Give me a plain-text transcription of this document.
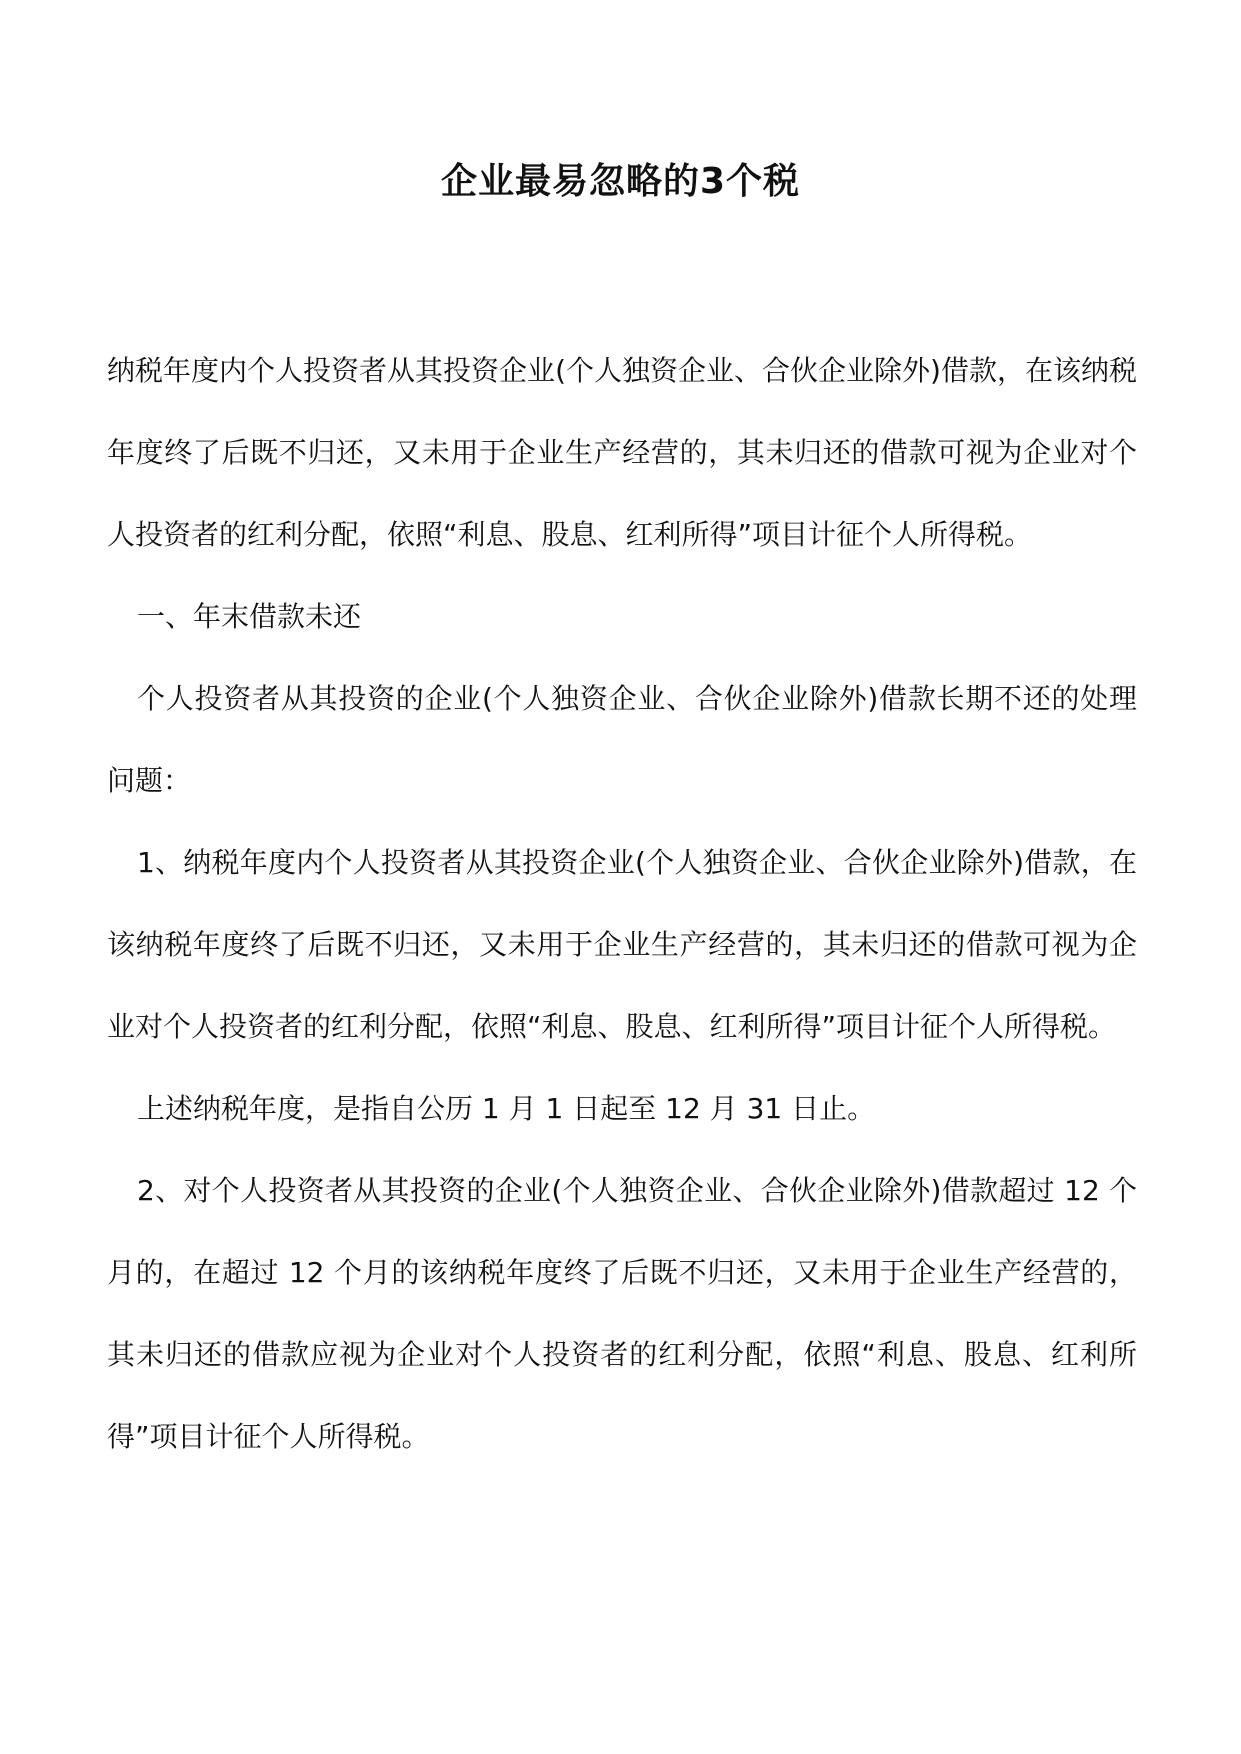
企业最易忽略的3个税

纳税年度内个人投资者从其投资企业(个人独资企业、合伙企业除外)借款，在该纳税年度终了后既不归还，又未用于企业生产经营的，其未归还的借款可视为企业对个人投资者的红利分配，依照“利息、股息、红利所得”项目计征个人所得税。

一、年末借款未还

个人投资者从其投资的企业(个人独资企业、合伙企业除外)借款长期不还的处理问题：

1、纳税年度内个人投资者从其投资企业(个人独资企业、合伙企业除外)借款，在该纳税年度终了后既不归还，又未用于企业生产经营的，其未归还的借款可视为企业对个人投资者的红利分配，依照“利息、股息、红利所得”项目计征个人所得税。

上述纳税年度，是指自公历 1 月 1 日起至 12 月 31 日止。

2、对个人投资者从其投资的企业(个人独资企业、合伙企业除外)借款超过 12 个月的，在超过 12 个月的该纳税年度终了后既不归还，又未用于企业生产经营的，其未归还的借款应视为企业对个人投资者的红利分配，依照“利息、股息、红利所得”项目计征个人所得税。
